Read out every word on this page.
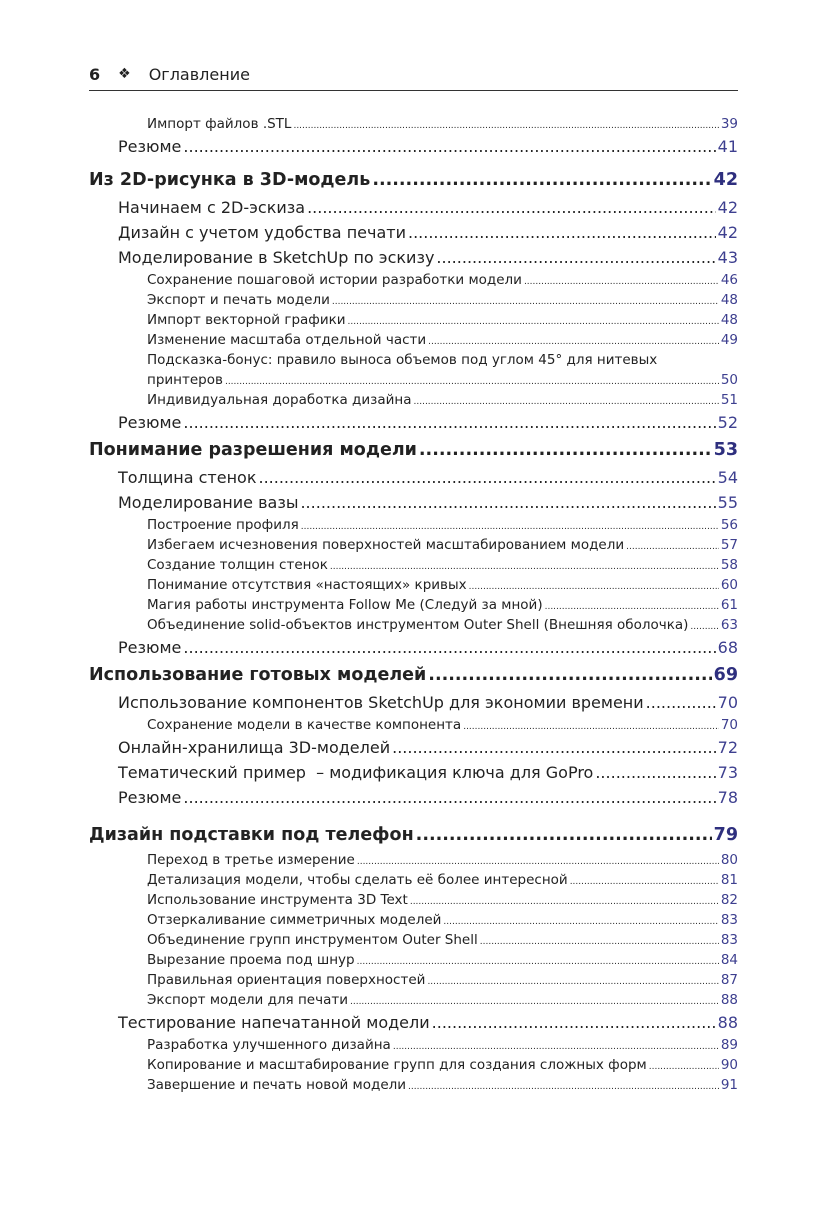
6 ❖ Оглавление
Импорт файлов .STL .....	39
Резюме .....	41
Из 2D-рисунка в 3D-модель .....	42
Начинаем с 2D-эскиза .....	42
Дизайн с учетом удобства печати .....	42
Моделирование в SketchUp по эскизу .....	43
Сохранение пошаговой истории разработки модели .....	46
Экспорт и печать модели .....	48
Импорт векторной графики .....	48
Изменение масштаба отдельной части .....	49
Подсказка-бонус: правило выноса объемов под углом 45° для нитевых
принтеров .....	50
Индивидуальная доработка дизайна .....	51
Резюме .....	52
Понимание разрешения модели .....	53
Толщина стенок .....	54
Моделирование вазы .....	55
Построение профиля .....	56
Избегаем исчезновения поверхностей масштабированием модели .....	57
Создание толщин стенок .....	58
Понимание отсутствия «настоящих» кривых .....	60
Магия работы инструмента Follow Me (Следуй за мной) .....	61
Объединение solid-объектов инструментом Outer Shell (Внешняя оболочка) ..... 63
Резюме .....	68
Использование готовых моделей .....	69
Использование компонентов SketchUp для экономии времени .....	70
Сохранение модели в качестве компонента .....	70
Онлайн-хранилища 3D-моделей .....	72
Тематический пример  – модификация ключа для GoPro .....	73
Резюме .....	78
Дизайн подставки под телефон .....	79
Переход в третье измерение .....	80
Детализация модели, чтобы сделать её более интересной .....	81
Использование инструмента 3D Text .....	82
Отзеркаливание симметричных моделей .....	83
Объединение групп инструментом Outer Shell .....	83
Вырезание проема под шнур .....	84
Правильная ориентация поверхностей .....	87
Экспорт модели для печати .....	88
Тестирование напечатанной модели .....	88
Разработка улучшенного дизайна .....	89
Копирование и масштабирование групп для создания сложных форм .....	90
Завершение и печать новой модели .....	91
